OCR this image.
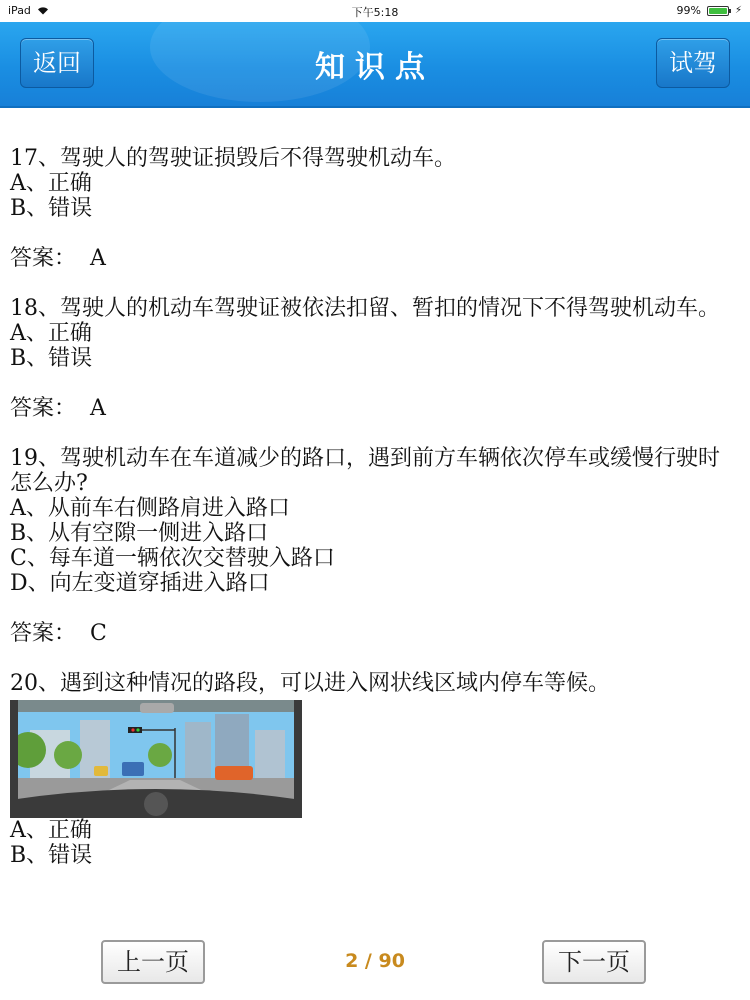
iPad	下午5:18	99%	⚡
返回	知识点	试驾
17、驾驶人的驾驶证损毁后不得驾驶机动车。
A、正确
B、错误
答案： A
18、驾驶人的机动车驾驶证被依法扣留、暂扣的情况下不得驾驶机动车。
A、正确
B、错误
答案： A
19、驾驶机动车在车道减少的路口，遇到前方车辆依次停车或缓慢行驶时怎么办?
A、从前车右侧路肩进入路口
B、从有空隙一侧进入路口
C、每车道一辆依次交替驶入路口
D、向左变道穿插进入路口
答案： C
20、遇到这种情况的路段，可以进入网状线区域内停车等候。
A、正确
B、错误
上一页	2 / 90	下一页
